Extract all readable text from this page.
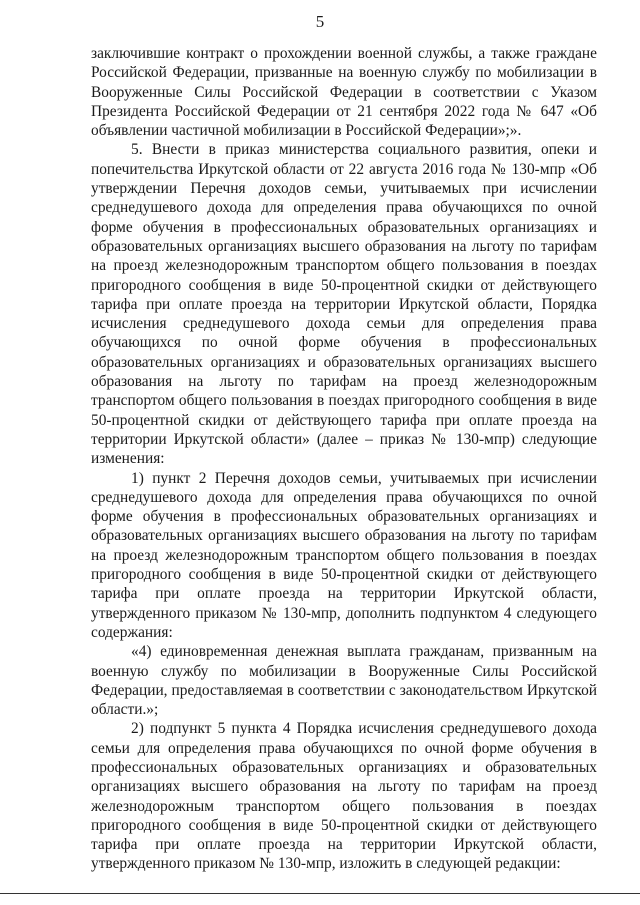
5

заключившие контракт о прохождении военной службы, а также граждане Российской Федерации, призванные на военную службу по мобилизации в Вооруженные Силы Российской Федерации в соответствии с Указом Президента Российской Федерации от 21 сентября 2022 года № 647 «Об объявлении частичной мобилизации в Российской Федерации»;».

5. Внести в приказ министерства социального развития, опеки и попечительства Иркутской области от 22 августа 2016 года № 130-мпр «Об утверждении Перечня доходов семьи, учитываемых при исчислении среднедушевого дохода для определения права обучающихся по очной форме обучения в профессиональных образовательных организациях и образовательных организациях высшего образования на льготу по тарифам на проезд железнодорожным транспортом общего пользования в поездах пригородного сообщения в виде 50-процентной скидки от действующего тарифа при оплате проезда на территории Иркутской области, Порядка исчисления среднедушевого дохода семьи для определения права обучающихся по очной форме обучения в профессиональных образовательных организациях и образовательных организациях высшего образования на льготу по тарифам на проезд железнодорожным транспортом общего пользования в поездах пригородного сообщения в виде 50-процентной скидки от действующего тарифа при оплате проезда на территории Иркутской области» (далее – приказ № 130-мпр) следующие изменения:

1) пункт 2 Перечня доходов семьи, учитываемых при исчислении среднедушевого дохода для определения права обучающихся по очной форме обучения в профессиональных образовательных организациях и образовательных организациях высшего образования на льготу по тарифам на проезд железнодорожным транспортом общего пользования в поездах пригородного сообщения в виде 50-процентной скидки от действующего тарифа при оплате проезда на территории Иркутской области, утвержденного приказом № 130-мпр, дополнить подпунктом 4 следующего содержания:

«4) единовременная денежная выплата гражданам, призванным на военную службу по мобилизации в Вооруженные Силы Российской Федерации, предоставляемая в соответствии с законодательством Иркутской области.»;

2) подпункт 5 пункта 4 Порядка исчисления среднедушевого дохода семьи для определения права обучающихся по очной форме обучения в профессиональных образовательных организациях и образовательных организациях высшего образования на льготу по тарифам на проезд железнодорожным транспортом общего пользования в поездах пригородного сообщения в виде 50-процентной скидки от действующего тарифа при оплате проезда на территории Иркутской области, утвержденного приказом № 130-мпр, изложить в следующей редакции:
